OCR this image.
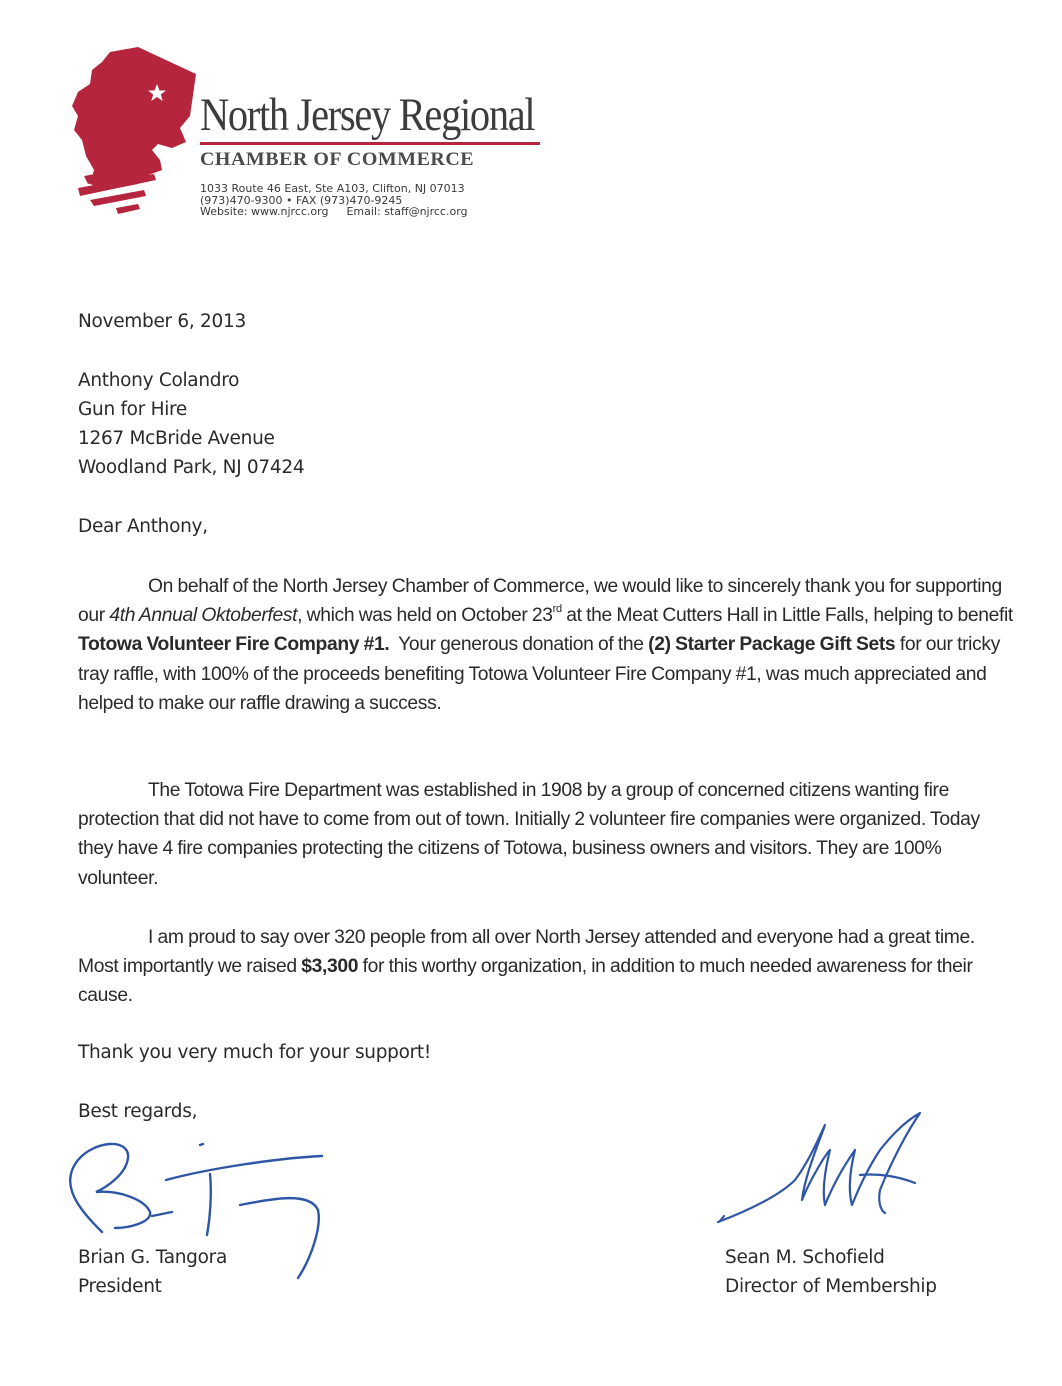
North Jersey Regional
CHAMBER OF COMMERCE
1033 Route 46 East, Ste A103, Clifton, NJ 07013
(973)470-9300 • FAX (973)470-9245
Website: www.njrcc.org Email: staff@njrcc.org
November 6, 2013
Anthony Colandro
Gun for Hire
1267 McBride Avenue
Woodland Park, NJ 07424
Dear Anthony,
On behalf of the North Jersey Chamber of Commerce, we would like to sincerely thank you for supporting our 4th Annual Oktoberfest, which was held on October 23rd at the Meat Cutters Hall in Little Falls, helping to benefit Totowa Volunteer Fire Company #1.  Your generous donation of the (2) Starter Package Gift Sets for our tricky tray raffle, with 100% of the proceeds benefiting Totowa Volunteer Fire Company #1, was much appreciated and helped to make our raffle drawing a success.
The Totowa Fire Department was established in 1908 by a group of concerned citizens wanting fire protection that did not have to come from out of town. Initially 2 volunteer fire companies were organized. Today they have 4 fire companies protecting the citizens of Totowa, business owners and visitors. They are 100% volunteer.
I am proud to say over 320 people from all over North Jersey attended and everyone had a great time.  Most importantly we raised $3,300 for this worthy organization, in addition to much needed awareness for their cause.
Thank you very much for your support!
Best regards,
Brian G. Tangora
President
Sean M. Schofield
Director of Membership
